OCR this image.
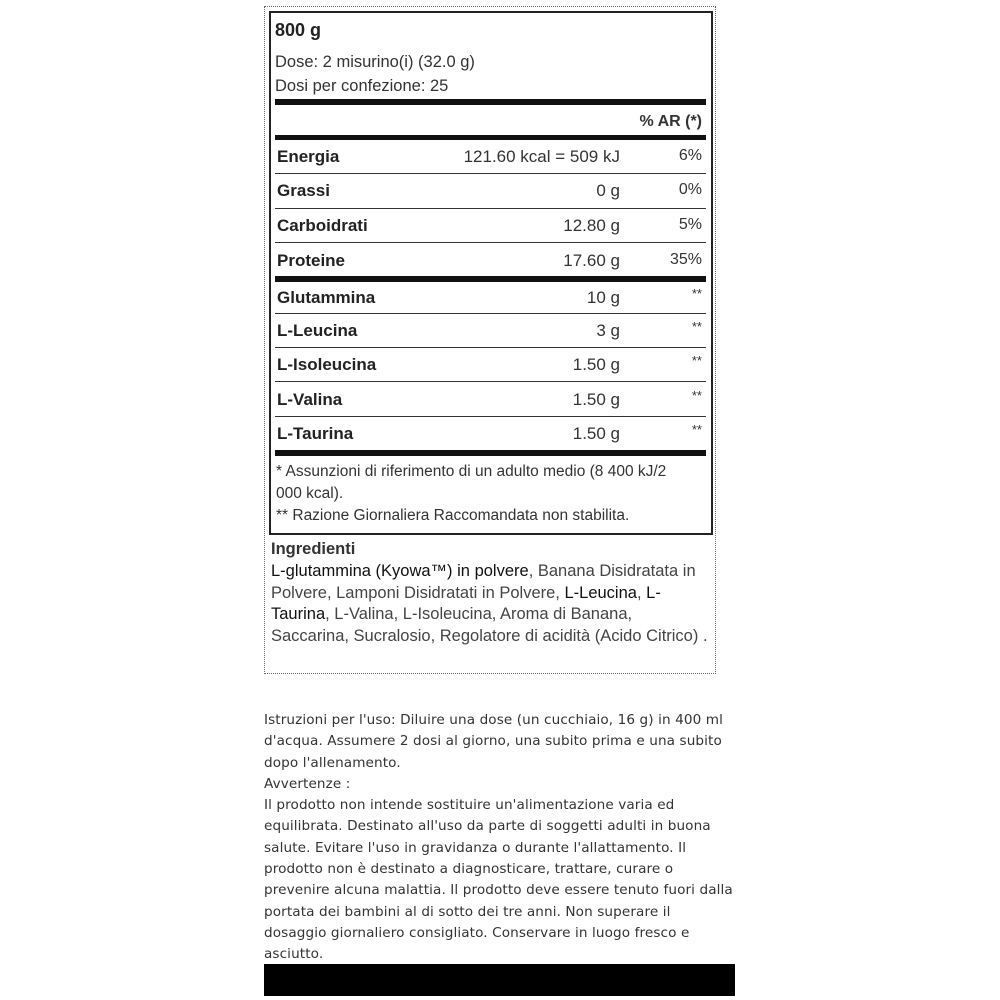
800 g
Dose: 2 misurino(i) (32.0 g)
Dosi per confezione: 25
% AR (*)
Energia	121.60 kcal = 509 kJ	6%
Grassi	0 g	0%
Carboidrati	12.80 g	5%
Proteine	17.60 g	35%
Glutammina	10 g	**
L-Leucina	3 g	**
L-Isoleucina	1.50 g	**
L-Valina	1.50 g	**
L-Taurina	1.50 g	**
* Assunzioni di riferimento di un adulto medio (8 400 kJ/2 000 kcal).
** Razione Giornaliera Raccomandata non stabilita.
Ingredienti
L-glutammina (Kyowa™) in polvere, Banana Disidratata in Polvere, Lamponi Disidratati in Polvere, L-Leucina, L-Taurina, L-Valina, L-Isoleucina, Aroma di Banana, Saccarina, Sucralosio, Regolatore di acidità (Acido Citrico) .

Istruzioni per l'uso: Diluire una dose (un cucchiaio, 16 g) in 400 ml d'acqua. Assumere 2 dosi al giorno, una subito prima e una subito dopo l'allenamento.

Avvertenze :

Il prodotto non intende sostituire un'alimentazione varia ed equilibrata. Destinato all'uso da parte di soggetti adulti in buona salute. Evitare l'uso in gravidanza o durante l'allattamento. Il prodotto non è destinato a diagnosticare, trattare, curare o prevenire alcuna malattia. Il prodotto deve essere tenuto fuori dalla portata dei bambini al di sotto dei tre anni. Non superare il dosaggio giornaliero consigliato. Conservare in luogo fresco e asciutto.
